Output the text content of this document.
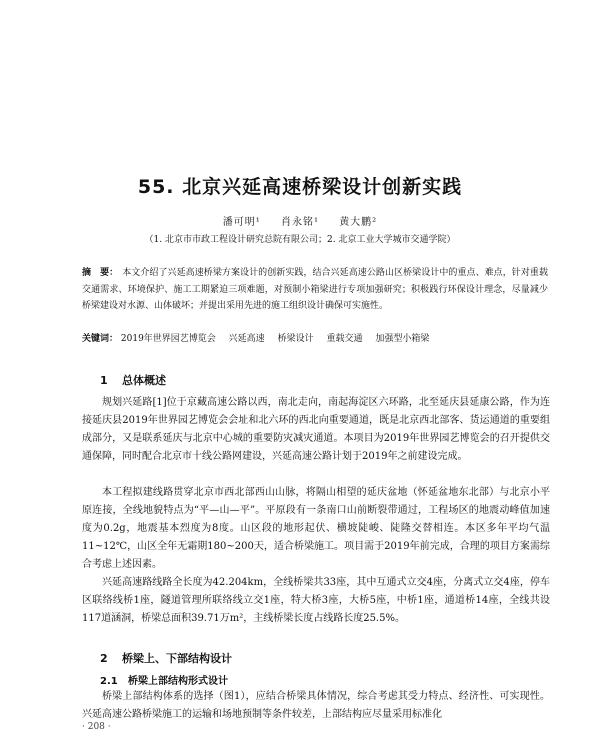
55. 北京兴延高速桥梁设计创新实践
潘可明¹ 肖永铭¹ 黄大鹏²
（1. 北京市市政工程设计研究总院有限公司；2. 北京工业大学城市交通学院）
摘　要： 本文介绍了兴延高速桥梁方案设计的创新实践，结合兴延高速公路山区桥梁设计中的重点、难点，针对重载交通需求、环境保护、施工工期紧迫三项难题，对预制小箱梁进行专项加强研究；积极践行环保设计理念，尽量减少桥梁建设对水源、山体破坏；并提出采用先进的施工组织设计确保可实施性。
关键词： 2019年世界园艺博览会 兴延高速 桥梁设计 重载交通 加强型小箱梁
1 总体概述

规划兴延路[1]位于京藏高速公路以西，南北走向，南起海淀区六环路，北至延庆县延康公路，作为连接延庆县2019年世界园艺博览会会址和北六环的西北向重要通道，既是北京西北部客、货运通道的重要组成部分，又是联系延庆与北京中心城的重要防灾减灾通道。本项目为2019年世界园艺博览会的召开提供交通保障，同时配合北京市十线公路网建设，兴延高速公路计划于2019年之前建设完成。

本工程拟建线路贯穿北京市西北部西山山脉，将隔山相望的延庆盆地（怀延盆地东北部）与北京小平原连接，全线地貌特点为“平—山—平”。平原段有一条南口山前断裂带通过，工程场区的地震动峰值加速度为0.2g，地震基本烈度为8度。山区段的地形起伏、横坡陡峻、陡隆交替相连。本区多年平均气温11~12℃，山区全年无霜期180~200天，适合桥梁施工。项目需于2019年前完成，合理的项目方案需综合考虑上述因素。

兴延高速路线路全长度为42.204km，全线桥梁共33座，其中互通式立交4座，分离式立交4座，停车区联络线桥1座，隧道管理所联络线立交1座，特大桥3座，大桥5座，中桥1座，通道桥14座，全线共设117道涵洞，桥梁总面积39.71万m²，主线桥梁长度占线路长度25.5%。

2 桥梁上、下部结构设计
2.1 桥梁上部结构形式设计

桥梁上部结构体系的选择（图1），应结合桥梁具体情况，综合考虑其受力特点、经济性、可实现性。兴延高速公路桥梁施工的运输和场地预制等条件较差，上部结构应尽量采用标准化

· 208 ·
